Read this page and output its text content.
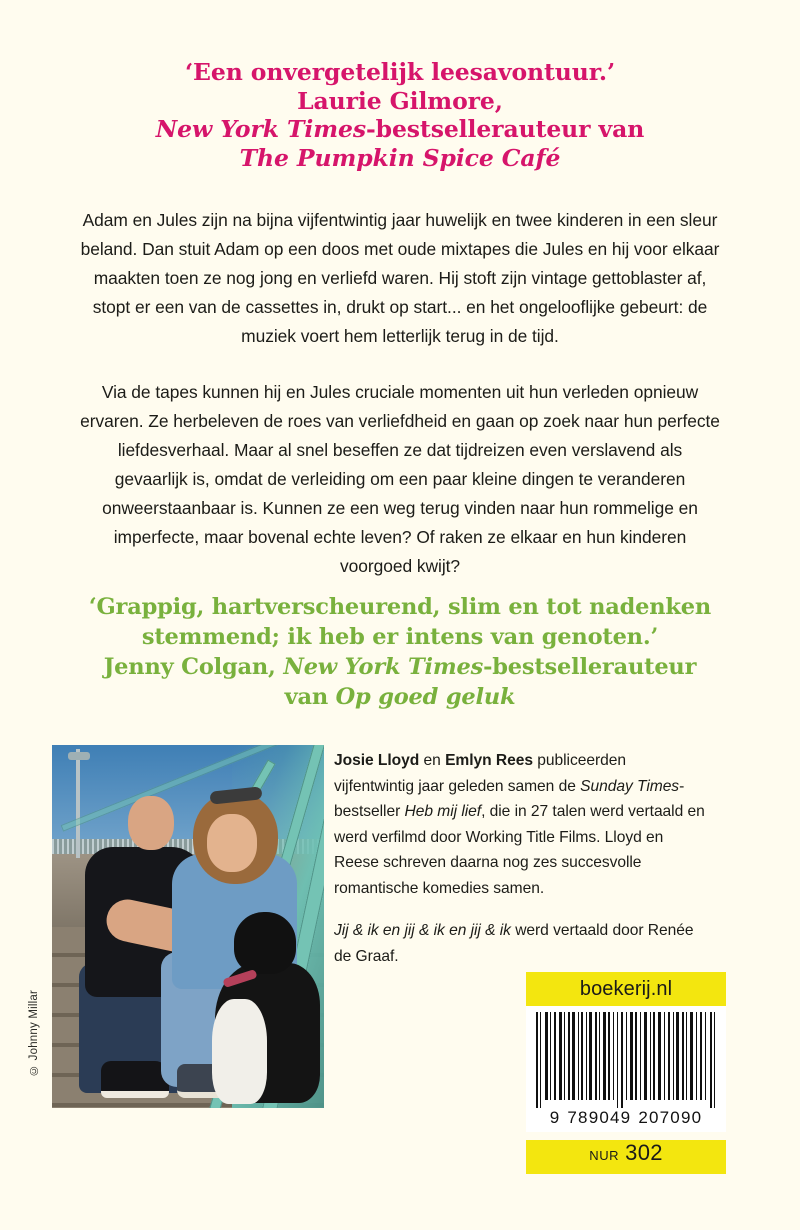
‘Een onvergetelijk leesavontuur.’
Laurie Gilmore,
New York Times-bestsellerauteur van
The Pumpkin Spice Café
Adam en Jules zijn na bijna vijfentwintig jaar huwelijk en twee kinderen in een sleur beland. Dan stuit Adam op een doos met oude mixtapes die Jules en hij voor elkaar maakten toen ze nog jong en verliefd waren. Hij stoft zijn vintage gettoblaster af, stopt er een van de cassettes in, drukt op start... en het ongelooflijke gebeurt: de muziek voert hem letterlijk terug in de tijd.
Via de tapes kunnen hij en Jules cruciale momenten uit hun verleden opnieuw ervaren. Ze herbeleven de roes van verliefdheid en gaan op zoek naar hun perfecte liefdesverhaal. Maar al snel beseffen ze dat tijdreizen even verslavend als gevaarlijk is, omdat de verleiding om een paar kleine dingen te veranderen onweerstaanbaar is. Kunnen ze een weg terug vinden naar hun rommelige en imperfecte, maar bovenal echte leven? Of raken ze elkaar en hun kinderen voorgoed kwijt?
‘Grappig, hartverscheurend, slim en tot nadenken
stemmend; ik heb er intens van genoten.’
Jenny Colgan, New York Times-bestsellerauteur
van Op goed geluk
© Johnny Millar
Josie Lloyd en Emlyn Rees publiceerden vijfentwintig jaar geleden samen de Sunday Times-bestseller Heb mij lief, die in 27 talen werd vertaald en werd verfilmd door Working Title Films. Lloyd en Reese schreven daarna nog zes succesvolle romantische komedies samen.
Jij & ik en jij & ik en jij & ik werd vertaald door Renée de Graaf.
boekerij.nl
9 789049 207090
NUR 302
